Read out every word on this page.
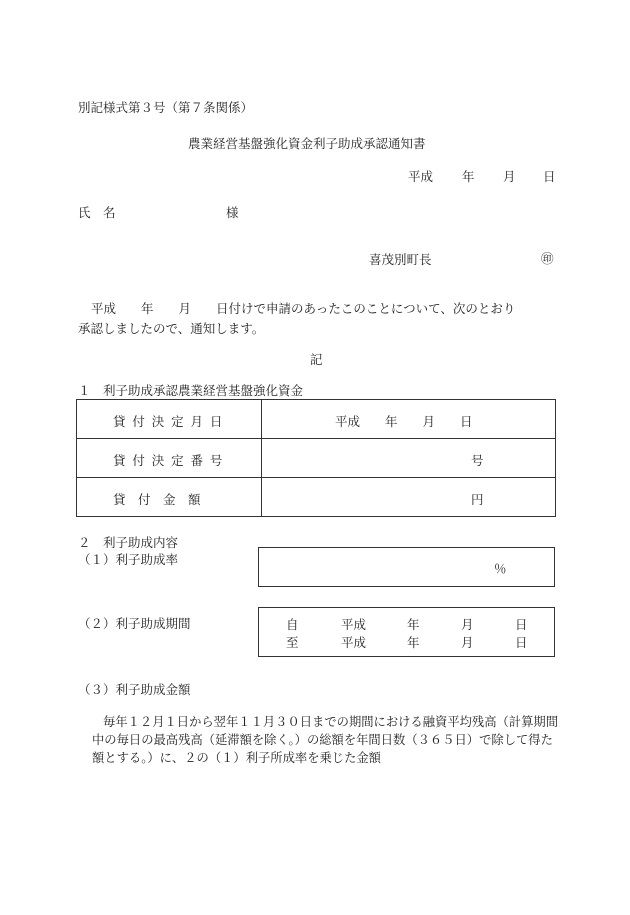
別記様式第３号（第７条関係）
農業経営基盤強化資金利子助成承認通知書
平成 年 月 日
氏　名	様
喜茂別町長	㊞
平成　　年　　月　　日付けで申請のあったこのことについて、次のとおり
承認しましたので、通知します。
記
１　利子助成承認農業経営基盤強化資金
貸付決定月日	平成　　年　　月　　日
貸付決定番号	号
貸　付　金　額	円
２　利子助成内容
（１）利子助成率
％
（２）利子助成期間	自	平成	年	月	日
至	平成	年	月	日
（３）利子助成金額
毎年１２月１日から翌年１１月３０日までの期間における融資平均残高（計算期間
中の毎日の最高残高（延滞額を除く。）の総額を年間日数（３６５日）で除して得た
額とする。）に、２の（１）利子所成率を乗じた金額
